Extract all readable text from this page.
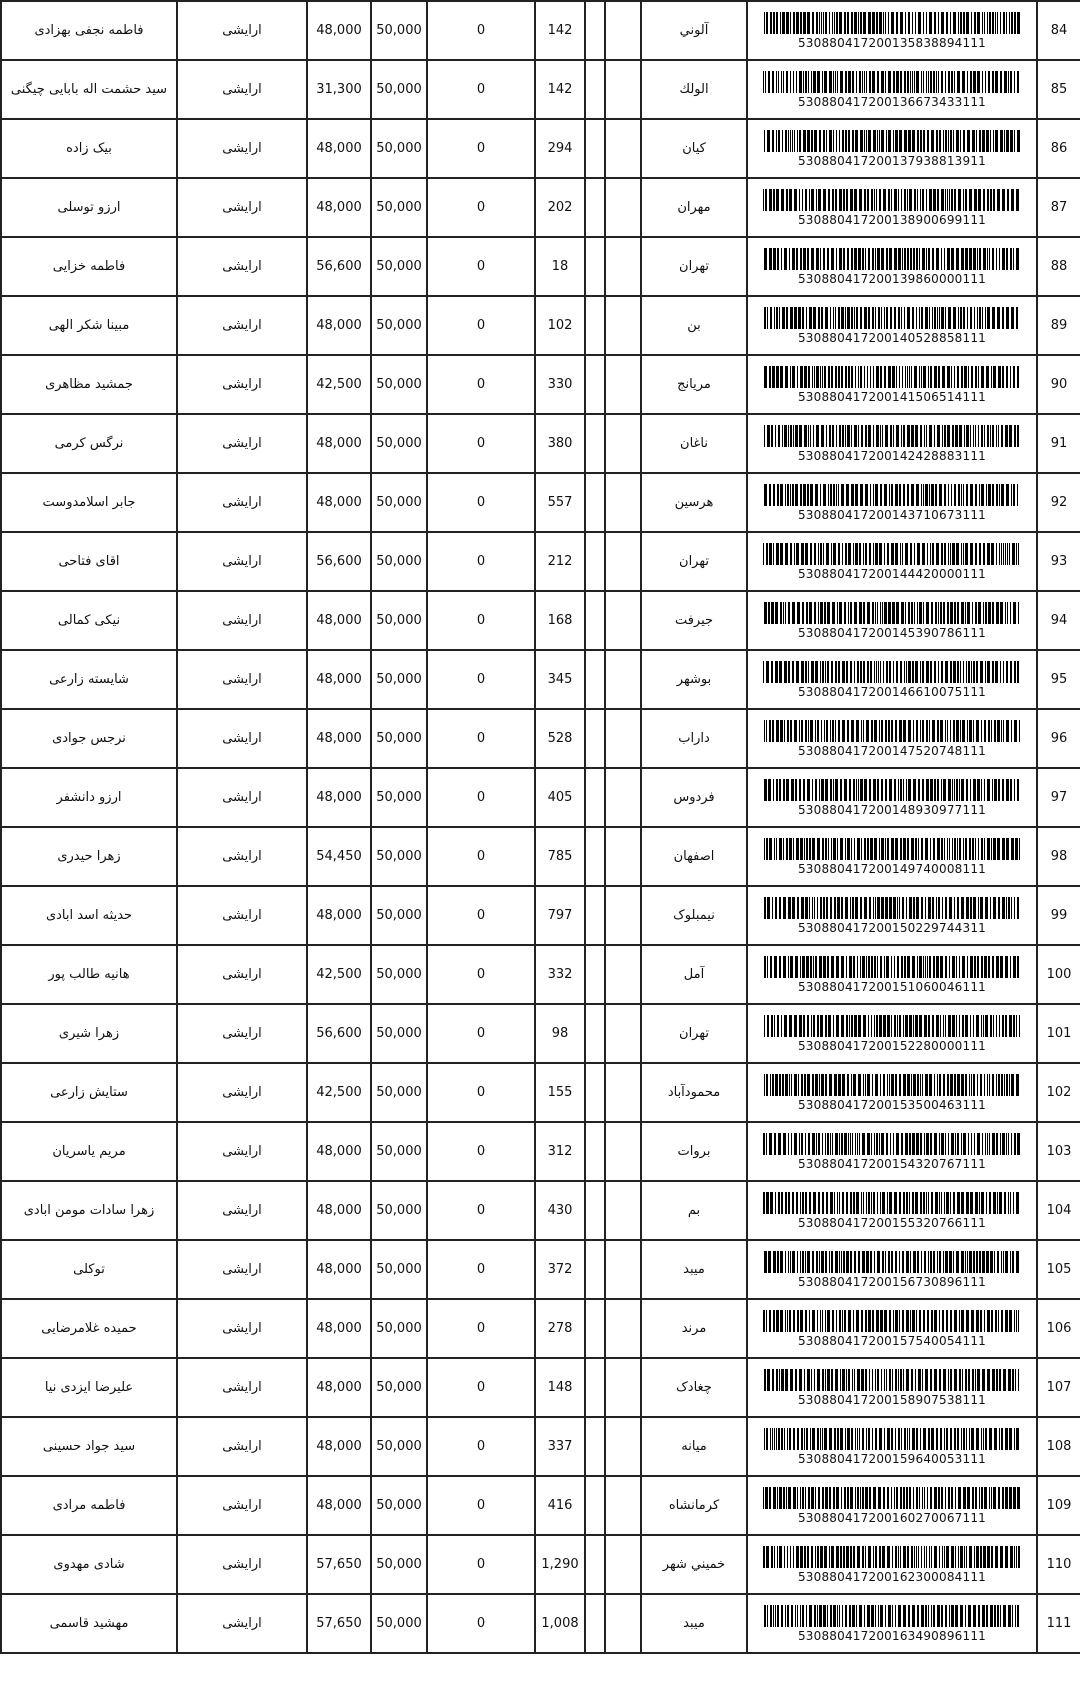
فاطمه نجفی بهزادی	ارایشی	48,000	50,000	0	142			آلوني	530880417200135838894111	84
سید حشمت اله بابایی چیگنی	ارایشی	31,300	50,000	0	142			الولك	530880417200136673433111	85
بیک زاده	ارایشی	48,000	50,000	0	294			کیان	530880417200137938813911	86
ارزو توسلی	ارایشی	48,000	50,000	0	202			مهران	530880417200138900699111	87
فاطمه خزایی	ارایشی	56,600	50,000	0	18			تهران	530880417200139860000111	88
مبینا شکر الهی	ارایشی	48,000	50,000	0	102			بن	530880417200140528858111	89
جمشید مظاهری	ارایشی	42,500	50,000	0	330			مریانج	530880417200141506514111	90
نرگس کرمی	ارایشی	48,000	50,000	0	380			ناغان	530880417200142428883111	91
جابر اسلامدوست	ارایشی	48,000	50,000	0	557			هرسین	530880417200143710673111	92
اقای فتاحی	ارایشی	56,600	50,000	0	212			تهران	530880417200144420000111	93
نیکی کمالی	ارایشی	48,000	50,000	0	168			جیرفت	530880417200145390786111	94
شایسته زارعی	ارایشی	48,000	50,000	0	345			بوشهر	530880417200146610075111	95
نرجس جوادی	ارایشی	48,000	50,000	0	528			داراب	530880417200147520748111	96
ارزو دانشفر	ارایشی	48,000	50,000	0	405			فردوس	530880417200148930977111	97
زهرا حیدری	ارایشی	54,450	50,000	0	785			اصفهان	530880417200149740008111	98
حدیثه اسد ابادی	ارایشی	48,000	50,000	0	797			نیمبلوک	530880417200150229744311	99
هانیه طالب پور	ارایشی	42,500	50,000	0	332			آمل	530880417200151060046111	100
زهرا شیری	ارایشی	56,600	50,000	0	98			تهران	530880417200152280000111	101
ستایش زارعی	ارایشی	42,500	50,000	0	155			محمودآباد	530880417200153500463111	102
مریم یاسریان	ارایشی	48,000	50,000	0	312			بروات	530880417200154320767111	103
زهرا سادات مومن ابادی	ارایشی	48,000	50,000	0	430			بم	530880417200155320766111	104
توکلی	ارایشی	48,000	50,000	0	372			میبد	530880417200156730896111	105
حمیده غلامرضایی	ارایشی	48,000	50,000	0	278			مرند	530880417200157540054111	106
علیرضا ایزدی نیا	ارایشی	48,000	50,000	0	148			چغادک	530880417200158907538111	107
سید جواد حسینی	ارایشی	48,000	50,000	0	337			میانه	530880417200159640053111	108
فاطمه مرادی	ارایشی	48,000	50,000	0	416			کرمانشاه	530880417200160270067111	109
شادی مهدوی	ارایشی	57,650	50,000	0	1,290			خميني شهر	530880417200162300084111	110
مهشید قاسمی	ارایشی	57,650	50,000	0	1,008			میبد	530880417200163490896111	111
